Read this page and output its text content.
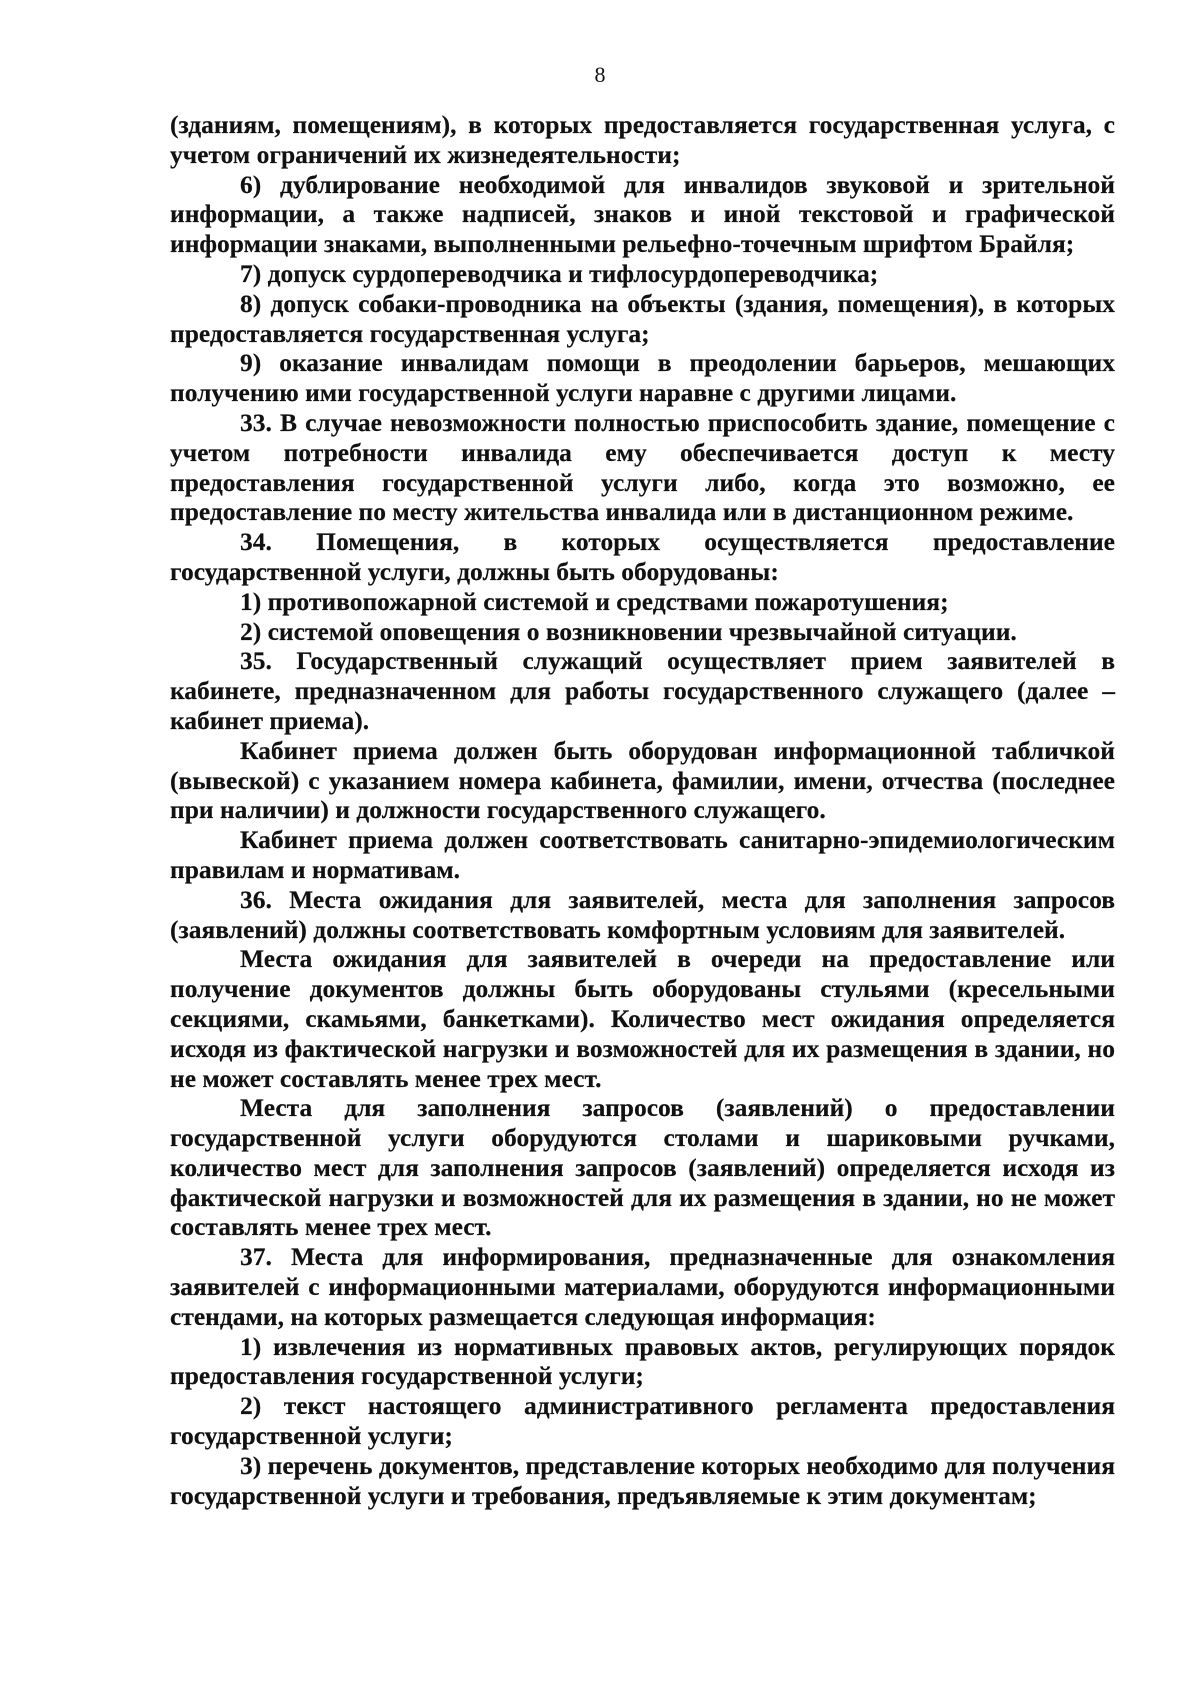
8

(зданиям, помещениям), в которых предоставляется государственная услуга, с учетом ограничений их жизнедеятельности;

6) дублирование необходимой для инвалидов звуковой и зрительной информации, а также надписей, знаков и иной текстовой и графической информации знаками, выполненными рельефно-точечным шрифтом Брайля;

7) допуск сурдопереводчика и тифлосурдопереводчика;

8) допуск собаки-проводника на объекты (здания, помещения), в которых предоставляется государственная услуга;

9) оказание инвалидам помощи в преодолении барьеров, мешающих получению ими государственной услуги наравне с другими лицами.

33. В случае невозможности полностью приспособить здание, помещение с учетом потребности инвалида ему обеспечивается доступ к месту предоставления государственной услуги либо, когда это возможно, ее предоставление по месту жительства инвалида или в дистанционном режиме.

34. Помещения, в которых осуществляется предоставление государственной услуги, должны быть оборудованы:

1) противопожарной системой и средствами пожаротушения;

2) системой оповещения о возникновении чрезвычайной ситуации.

35. Государственный служащий осуществляет прием заявителей в кабинете, предназначенном для работы государственного служащего (далее – кабинет приема).

Кабинет приема должен быть оборудован информационной табличкой (вывеской) с указанием номера кабинета, фамилии, имени, отчества (последнее при наличии) и должности государственного служащего.

Кабинет приема должен соответствовать санитарно-эпидемиологическим правилам и нормативам.

36. Места ожидания для заявителей, места для заполнения запросов (заявлений) должны соответствовать комфортным условиям для заявителей.

Места ожидания для заявителей в очереди на предоставление или получение документов должны быть оборудованы стульями (кресельными секциями, скамьями, банкетками). Количество мест ожидания определяется исходя из фактической нагрузки и возможностей для их размещения в здании, но не может составлять менее трех мест.

Места для заполнения запросов (заявлений) о предоставлении государственной услуги оборудуются столами и шариковыми ручками, количество мест для заполнения запросов (заявлений) определяется исходя из фактической нагрузки и возможностей для их размещения в здании, но не может составлять менее трех мест.

37. Места для информирования, предназначенные для ознакомления заявителей с информационными материалами, оборудуются информационными стендами, на которых размещается следующая информация:

1) извлечения из нормативных правовых актов, регулирующих порядок предоставления государственной услуги;

2) текст настоящего административного регламента предоставления государственной услуги;

3) перечень документов, представление которых необходимо для получения государственной услуги и требования, предъявляемые к этим документам;
